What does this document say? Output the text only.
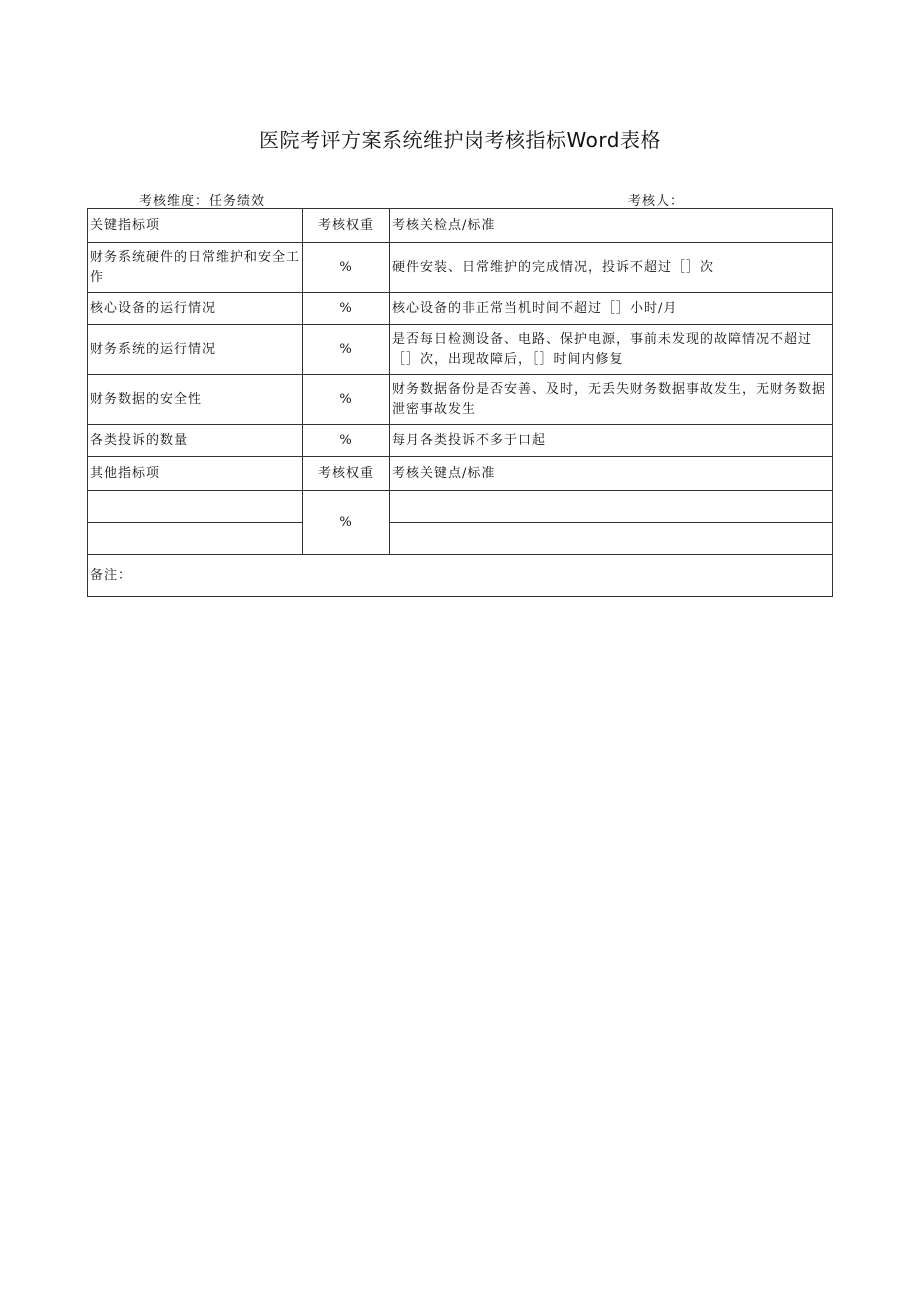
医院考评方案系统维护岗考核指标Word表格
考核维度：任务绩效	考核人：
关键指标项	考核权重	考核关检点/标准
财务系统硬件的日常维护和安全工作	%	硬件安装、日常维护的完成情况，投诉不超过［］次
核心设备的运行情况	%	核心设备的非正常当机时间不超过［］小时/月
财务系统的运行情况	%	是否每日检测设备、电路、保护电源，事前未发现的故障情况不超过［］次，出现故障后，［］时间内修复
财务数据的安全性	%	财务数据备份是否安善、及时，无丢失财务数据事故发生，无财务数据泄密事故发生
各类投诉的数量	%	每月各类投诉不多于口起
其他指标项	考核权重	考核关键点/标准
	%	

备注：		
